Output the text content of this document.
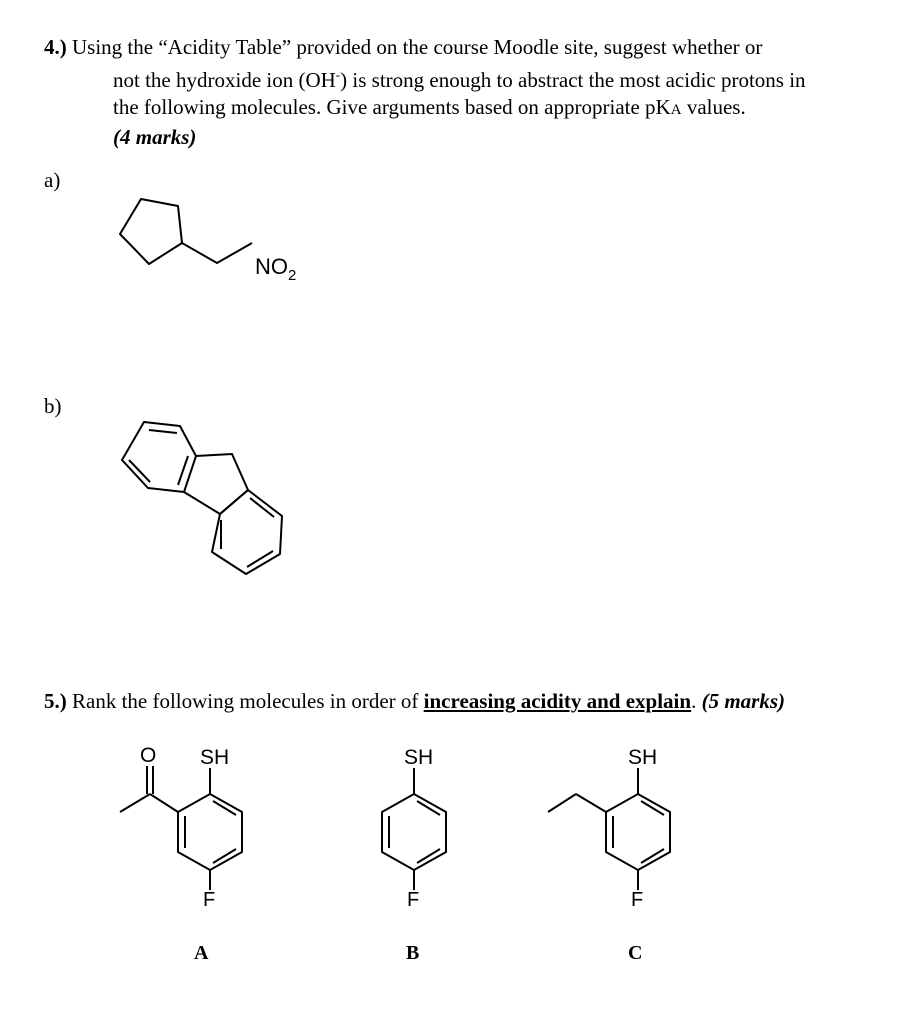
4.) Using the “Acidity Table” provided on the course Moodle site, suggest whether or
not the hydroxide ion (OH-) is strong enough to abstract the most acidic protons in
the following molecules. Give arguments based on appropriate pKA values.
(4 marks)
a)
b)
$NO_2$
5.) Rank the following molecules in order of increasing acidity and explain. (5 marks)
O SH
F
SH
F
SH
F
A	B	C
